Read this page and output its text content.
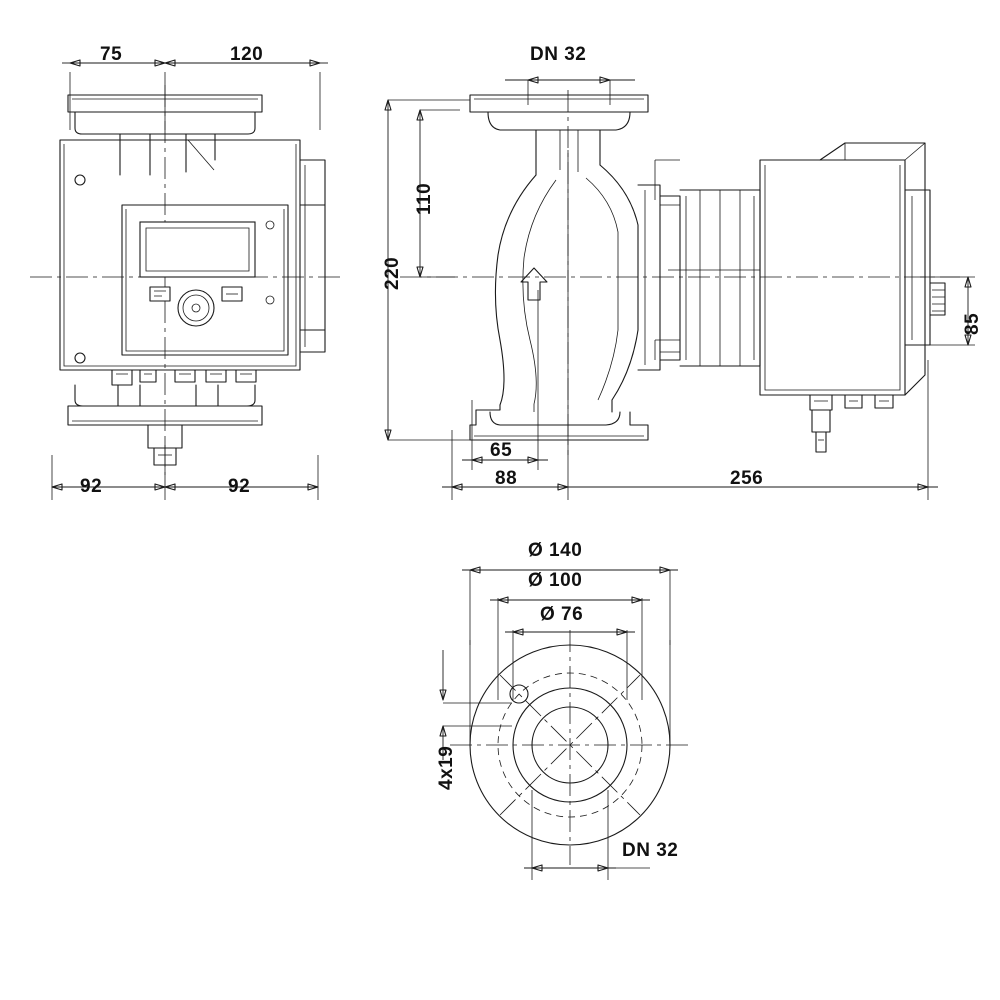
75	120
92	92
DN 32
110
220
85
65
88	256
Ø 140
Ø 100
Ø 76
4x19
DN 32
